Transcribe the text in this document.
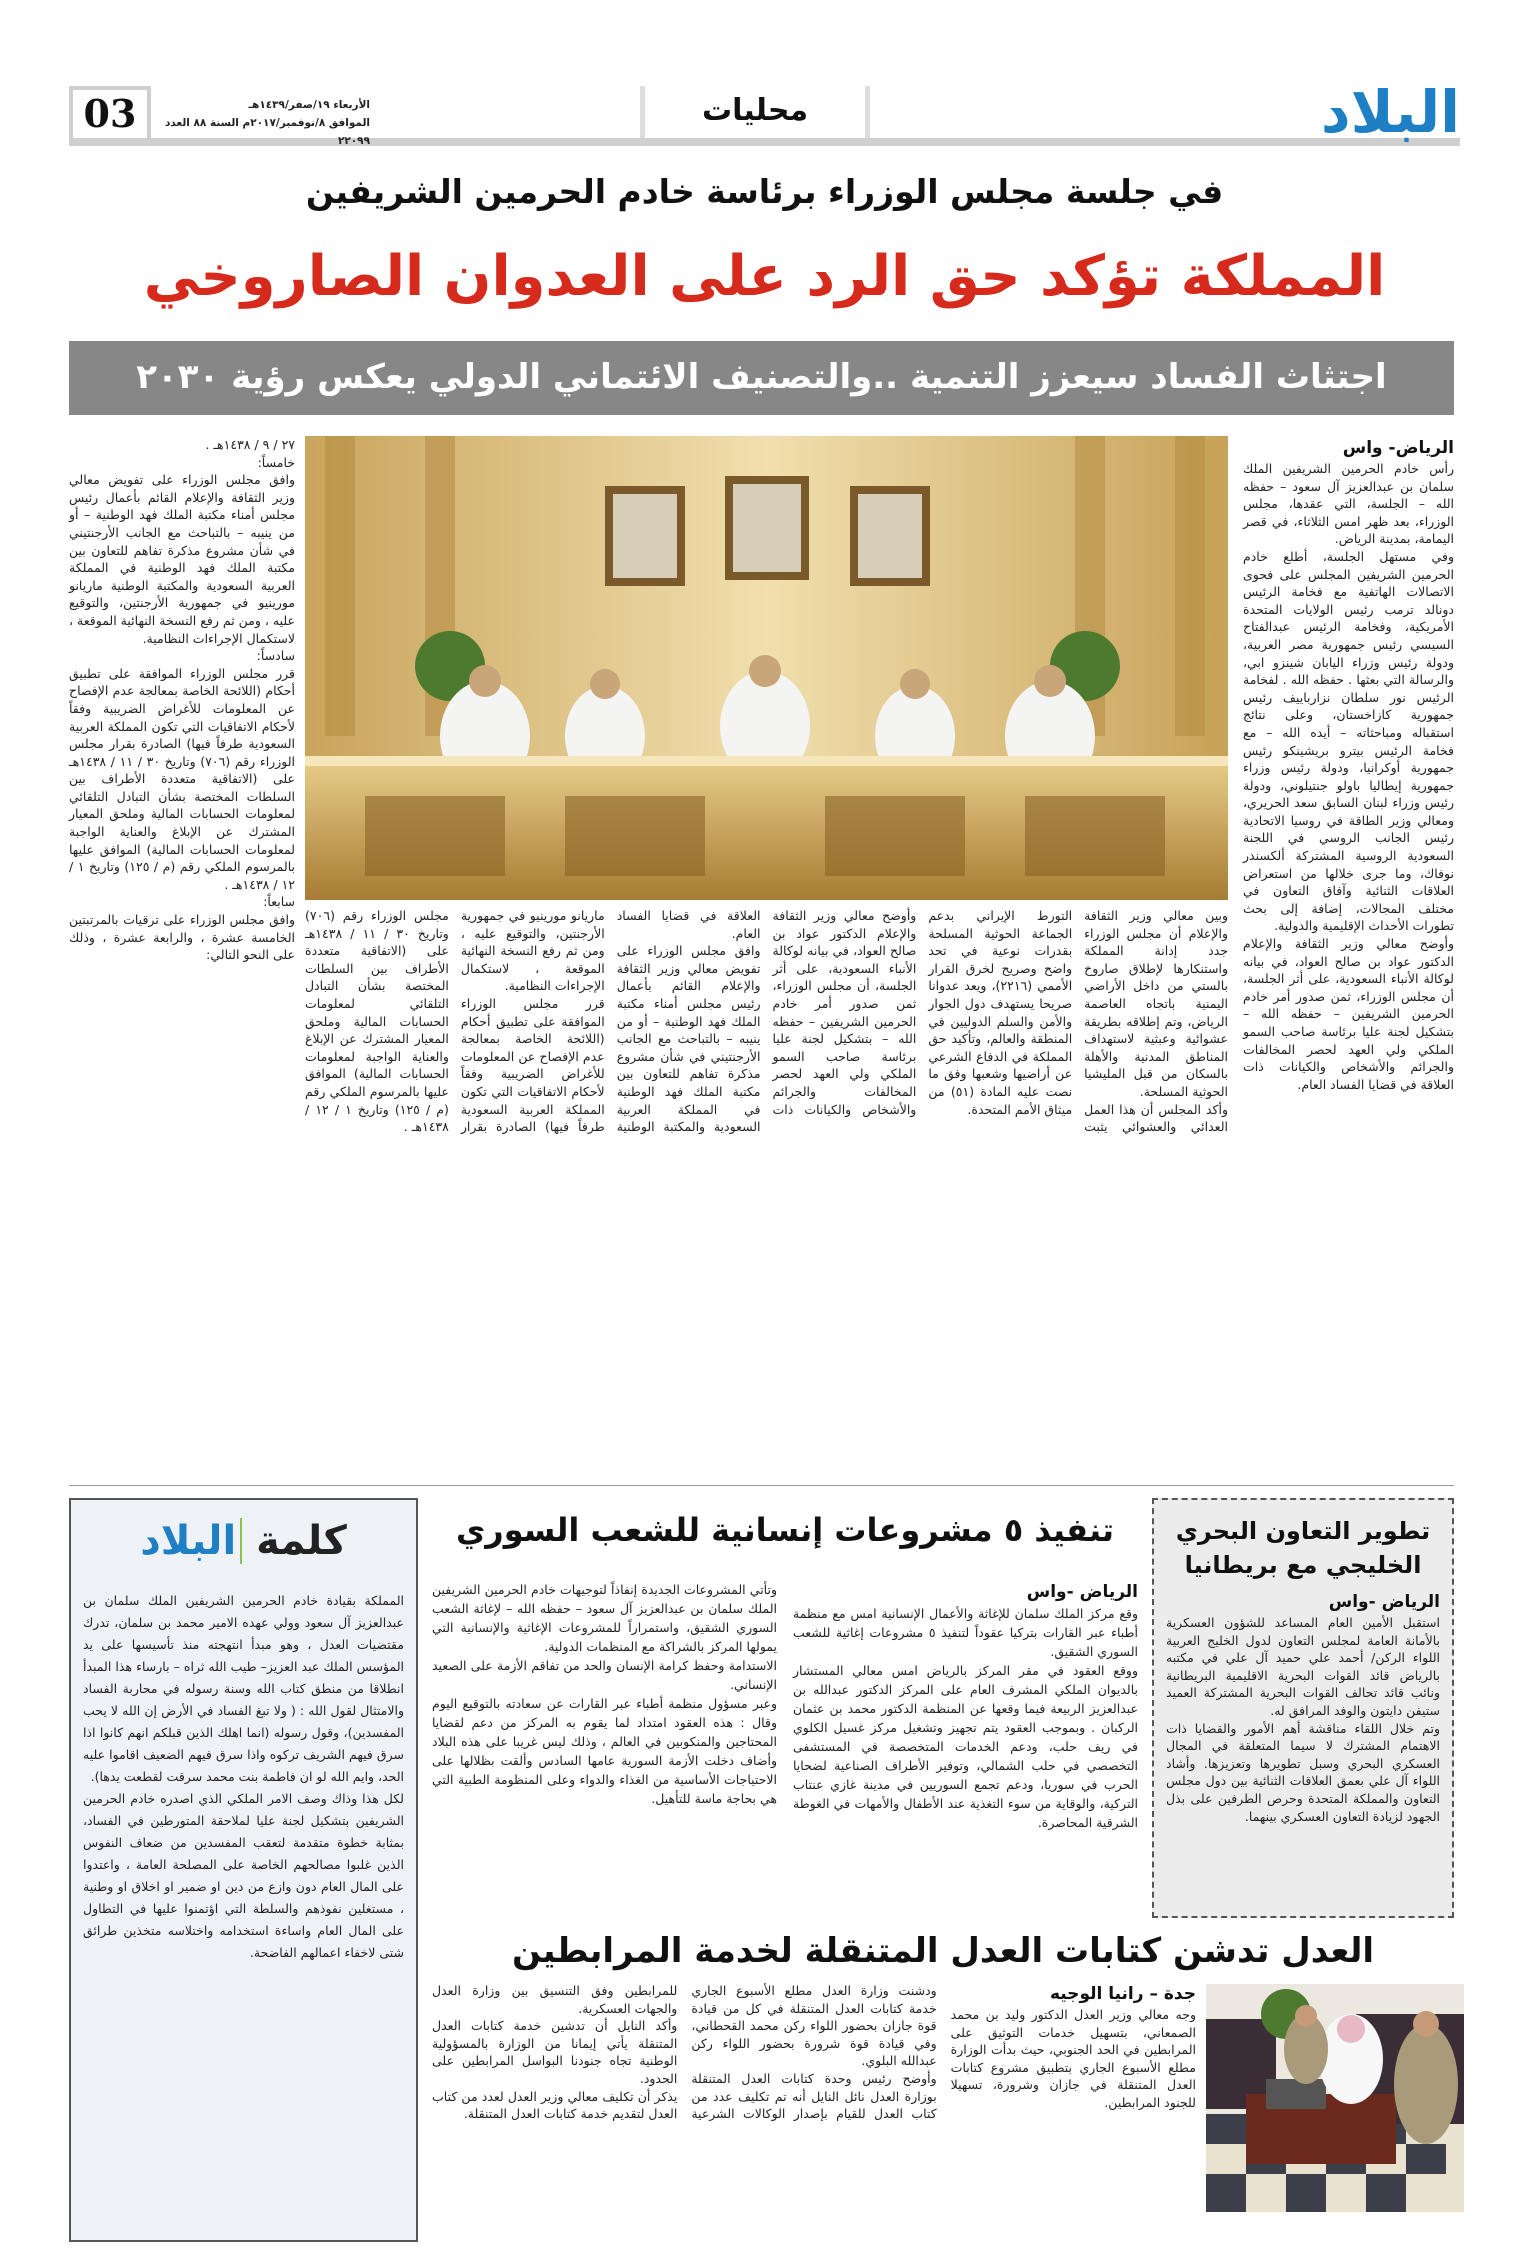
03	الأربعاء ١٩/صفر/١٤٣٩هـ
الموافق ٨/نوفمبر/٢٠١٧م السنة ٨٨ العدد ٢٢٠٩٩
محليات	البلاد
في جلسة مجلس الوزراء برئاسة خادم الحرمين الشريفين
المملكة تؤكد حق الرد على العدوان الصاروخي
اجتثاث الفساد سيعزز التنمية ..والتصنيف الائتماني الدولي يعكس رؤية ٢٠٣٠
الرياض- واس

رأس خادم الحرمين الشريفين الملك سلمان بن عبدالعزيز آل سعود – حفظه الله – الجلسة، التي عقدها، مجلس الوزراء، بعد ظهر امس الثلاثاء، في قصر اليمامة، بمدينة الرياض.

وفي مستهل الجلسة، أطلع خادم الحرمين الشريفين المجلس على فحوى الاتصالات الهاتفية مع فخامة الرئيس دونالد ترمب رئيس الولايات المتحدة الأمريكية، وفخامة الرئيس عبدالفتاح السيسي رئيس جمهورية مصر العربية، ودولة رئيس وزراء اليابان شينزو ابي، والرسالة التي بعثها . حفظه الله . لفخامة الرئيس نور سلطان نزارباييف رئيس جمهورية كازاخستان، وعلى نتائج استقباله ومباحثاته – أيده الله – مع فخامة الرئيس بيترو بريشينكو رئيس جمهورية أوكرانيا، ودولة رئيس وزراء جمهورية إيطاليا باولو جنتيلوني، ودولة رئيس وزراء لبنان السابق سعد الحريري، ومعالي وزير الطاقة في روسيا الاتحادية رئيس الجانب الروسي في اللجنة السعودية الروسية المشتركة ألكسندر نوفاك، وما جرى خلالها من استعراض العلاقات الثنائية وآفاق التعاون في مختلف المجالات، إضافة إلى بحث تطورات الأحداث الإقليمية والدولية.

وأوضح معالي وزير الثقافة والإعلام الدكتور عواد بن صالح العواد، في بيانه لوكالة الأنباء السعودية، على أثر الجلسة، أن مجلس الوزراء، ثمن صدور أمر خادم الحرمين الشريفين – حفظه الله – بتشكيل لجنة عليا برئاسة صاحب السمو الملكي ولي العهد لحصر المخالفات والجرائم والأشخاص والكيانات ذات العلاقة في قضايا الفساد العام.

٢٧ / ٩ / ١٤٣٨هـ .

خامساً:

وافق مجلس الوزراء على تفويض معالي وزير الثقافة والإعلام القائم بأعمال رئيس مجلس أمناء مكتبة الملك فهد الوطنية – أو من ينيبه – بالتباحث مع الجانب الأرجنتيني في شأن مشروع مذكرة تفاهم للتعاون بين مكتبة الملك فهد الوطنية في المملكة العربية السعودية والمكتبة الوطنية ماريانو مورينيو في جمهورية الأرجنتين، والتوقيع عليه ، ومن ثم رفع النسخة النهائية الموقعة ، لاستكمال الإجراءات النظامية.

سادساً:

قرر مجلس الوزراء الموافقة على تطبيق أحكام (اللائحة الخاصة بمعالجة عدم الإفصاح عن المعلومات للأغراض الضريبية وفقاً لأحكام الاتفاقيات التي تكون المملكة العربية السعودية طرفاً فيها) الصادرة بقرار مجلس الوزراء رقم (٧٠٦) وتاريخ ٣٠ / ١١ / ١٤٣٨هـ على (الاتفاقية متعددة الأطراف بين السلطات المختصة بشأن التبادل التلقائي لمعلومات الحسابات المالية وملحق المعيار المشترك عن الإبلاغ والعناية الواجبة لمعلومات الحسابات المالية) الموافق عليها بالمرسوم الملكي رقم (م / ١٢٥) وتاريخ ١ / ١٢ / ١٤٣٨هـ .

سابعاً:

وافق مجلس الوزراء على ترقيات بالمرتبتين الخامسة عشرة ، والرابعة عشرة ، وذلك على النحو التالي:

وبين معالي وزير الثقافة والإعلام أن مجلس الوزراء جدد إدانة المملكة واستنكارها لإطلاق صاروخ بالستي من داخل الأراضي اليمنية باتجاه العاصمة الرياض، وتم إطلاقه بطريقة عشوائية وعبثية لاستهداف المناطق المدنية والأهلة بالسكان من قبل المليشيا الحوثية المسلحة.

وأكد المجلس أن هذا العمل العدائي والعشوائي يثبت التورط الإيراني بدعم الجماعة الحوثية المسلحة بقدرات نوعية في تحد واضح وصريح لخرق القرار الأممي (٢٢١٦)، ويعد عدوانا صريحا يستهدف دول الجوار والأمن والسلم الدوليين في المنطقة والعالم، وتأكيد حق المملكة في الدفاع الشرعي عن أراضيها وشعبها وفق ما نصت عليه المادة (٥١) من ميثاق الأمم المتحدة.

وأوضح معالي وزير الثقافة والإعلام الدكتور عواد بن صالح العواد، في بيانه لوكالة الأنباء السعودية، على أثر الجلسة، أن مجلس الوزراء، ثمن صدور أمر خادم الحرمين الشريفين – حفظه الله – بتشكيل لجنة عليا برئاسة صاحب السمو الملكي ولي العهد لحصر المخالفات والجرائم والأشخاص والكيانات ذات العلاقة في قضايا الفساد العام.

وافق مجلس الوزراء على تفويض معالي وزير الثقافة والإعلام القائم بأعمال رئيس مجلس أمناء مكتبة الملك فهد الوطنية – أو من ينيبه – بالتباحث مع الجانب الأرجنتيني في شأن مشروع مذكرة تفاهم للتعاون بين مكتبة الملك فهد الوطنية في المملكة العربية السعودية والمكتبة الوطنية ماريانو مورينيو في جمهورية الأرجنتين، والتوقيع عليه ، ومن ثم رفع النسخة النهائية الموقعة ، لاستكمال الإجراءات النظامية.

قرر مجلس الوزراء الموافقة على تطبيق أحكام (اللائحة الخاصة بمعالجة عدم الإفصاح عن المعلومات للأغراض الضريبية وفقاً لأحكام الاتفاقيات التي تكون المملكة العربية السعودية طرفاً فيها) الصادرة بقرار مجلس الوزراء رقم (٧٠٦) وتاريخ ٣٠ / ١١ / ١٤٣٨هـ على (الاتفاقية متعددة الأطراف بين السلطات المختصة بشأن التبادل التلقائي لمعلومات الحسابات المالية وملحق المعيار المشترك عن الإبلاغ والعناية الواجبة لمعلومات الحسابات المالية) الموافق عليها بالمرسوم الملكي رقم (م / ١٢٥) وتاريخ ١ / ١٢ / ١٤٣٨هـ .

كلمة البلاد

المملكة بقيادة خادم الحرمين الشريفين الملك سلمان بن عبدالعزيز آل سعود وولي عهده الامير محمد بن سلمان، تدرك مقتضيات العدل ، وهو مبدأ انتهجته منذ تأسيسها على يد المؤسس الملك عبد العزيز– طيب الله ثراه – بارساء هذا المبدأ انطلاقا من منطق كتاب الله وسنة رسوله في محاربة الفساد والامتثال لقول الله : ( ولا تبغ الفساد في الأرض إن الله لا يحب المفسدين)، وقول رسوله (انما اهلك الذين قبلكم انهم كانوا اذا سرق فيهم الشريف تركوه واذا سرق فيهم الضعيف اقاموا عليه الحد، وايم الله لو ان فاطمة بنت محمد سرقت لقطعت يدها).

لكل هذا وذاك وصف الامر الملكي الذي اصدره خادم الحرمين الشريفين بتشكيل لجنة عليا لملاحقة المتورطين في الفساد، بمثابة خطوة متقدمة لتعقب المفسدين من ضعاف النفوس الذين غلبوا مصالحهم الخاصة على المصلحة العامة ، واعتدوا على المال العام دون وازع من دين او ضمير او اخلاق او وطنية ، مستغلين نفوذهم والسلطة التي اؤتمنوا عليها في التطاول على المال العام واساءة استخدامه واختلاسه متخذين طرائق شتى لاخفاء اعمالهم الفاضحة.

تنفيذ ٥ مشروعات إنسانية للشعب السوري
الرياض -واس

وقع مركز الملك سلمان للإغاثة والأعمال الإنسانية امس مع منظمة أطباء عبر القارات بتركيا عقوداً لتنفيذ ٥ مشروعات إغاثية للشعب السوري الشقيق.

ووقع العقود في مقر المركز بالرياض امس معالي المستشار بالديوان الملكي المشرف العام على المركز الدكتور عبدالله بن عبدالعزيز الربيعة فيما وقعها عن المنظمة الدكتور محمد بن عثمان الركبان . وبموجب العقود يتم تجهيز وتشغيل مركز غسيل الكلوي في ريف حلب، ودعم الخدمات المتخصصة في المستشفى التخصصي في حلب الشمالي، وتوفير الأطراف الصناعية لضحايا الحرب في سوريا، ودعم تجمع السوريين في مدينة غازي عنتاب التركية، والوقاية من سوء التغذية عند الأطفال والأمهات في الغوطة الشرقية المحاصرة.

وتأتي المشروعات الجديدة إنفاذاً لتوجيهات خادم الحرمين الشريفين الملك سلمان بن عبدالعزيز آل سعود – حفظه الله – لإغاثة الشعب السوري الشقيق، واستمراراً للمشروعات الإغاثية والإنسانية التي يمولها المركز بالشراكة مع المنظمات الدولية.

الاستدامة وحفظ كرامة الإنسان والحد من تفاقم الأزمة على الصعيد الإنساني.

وعبر مسؤول منظمة أطباء عبر القارات عن سعادته بالتوقيع اليوم وقال : هذه العقود امتداد لما يقوم به المركز من دعم لقضايا المحتاجين والمنكوبين في العالم ، وذلك ليس غريبا على هذه البلاد وأضاف دخلت الأزمة السورية عامها السادس وألقت بظلالها على الاحتياجات الأساسية من الغذاء والدواء وعلى المنظومة الطبية التي هي بحاجة ماسة للتأهيل.

تطوير التعاون البحري الخليجي مع بريطانيا
الرياض -واس

استقبل الأمين العام المساعد للشؤون العسكرية بالأمانة العامة لمجلس التعاون لدول الخليج العربية اللواء الركن/ أحمد علي حميد آل علي في مكتبه بالرياض قائد القوات البحرية الاقليمية البريطانية ونائب قائد تحالف القوات البحرية المشتركة العميد ستيفن دايتون والوفد المرافق له.

وتم خلال اللقاء مناقشة أهم الأمور والقضايا ذات الاهتمام المشترك لا سيما المتعلقة في المجال العسكري البحري وسبل تطويرها وتعزيزها. وأشاد اللواء آل علي بعمق العلاقات الثنائية بين دول مجلس التعاون والمملكة المتحدة وحرص الطرفين على بذل الجهود لزيادة التعاون العسكري بينهما.

العدل تدشن كتابات العدل المتنقلة لخدمة المرابطين
جدة – رانيا الوجيه

وجه معالي وزير العدل الدكتور وليد بن محمد الصمعاني، بتسهيل خدمات التوثيق على المرابطين في الحد الجنوبي، حيث بدأت الوزارة مطلع الأسبوع الجاري بتطبيق مشروع كتابات العدل المتنقلة في جازان وشرورة، تسهيلا للجنود المرابطين.

ودشنت وزارة العدل مطلع الأسبوع الجاري خدمة كتابات العدل المتنقلة في كل من قيادة قوة جازان بحضور اللواء ركن محمد القحطاني، وفي قيادة قوة شرورة بحضور اللواء ركن عبدالله البلوي.

وأوضح رئيس وحدة كتابات العدل المتنقلة بوزارة العدل نائل النايل أنه تم تكليف عدد من كتاب العدل للقيام بإصدار الوكالات الشرعية للمرابطين وفق التنسيق بين وزارة العدل والجهات العسكرية.

وأكد النايل أن تدشين خدمة كتابات العدل المتنقلة يأتي إيمانا من الوزارة بالمسؤولية الوطنية تجاه جنودنا البواسل المرابطين على الحدود.

يذكر أن تكليف معالي وزير العدل لعدد من كتاب العدل لتقديم خدمة كتابات العدل المتنقلة.
